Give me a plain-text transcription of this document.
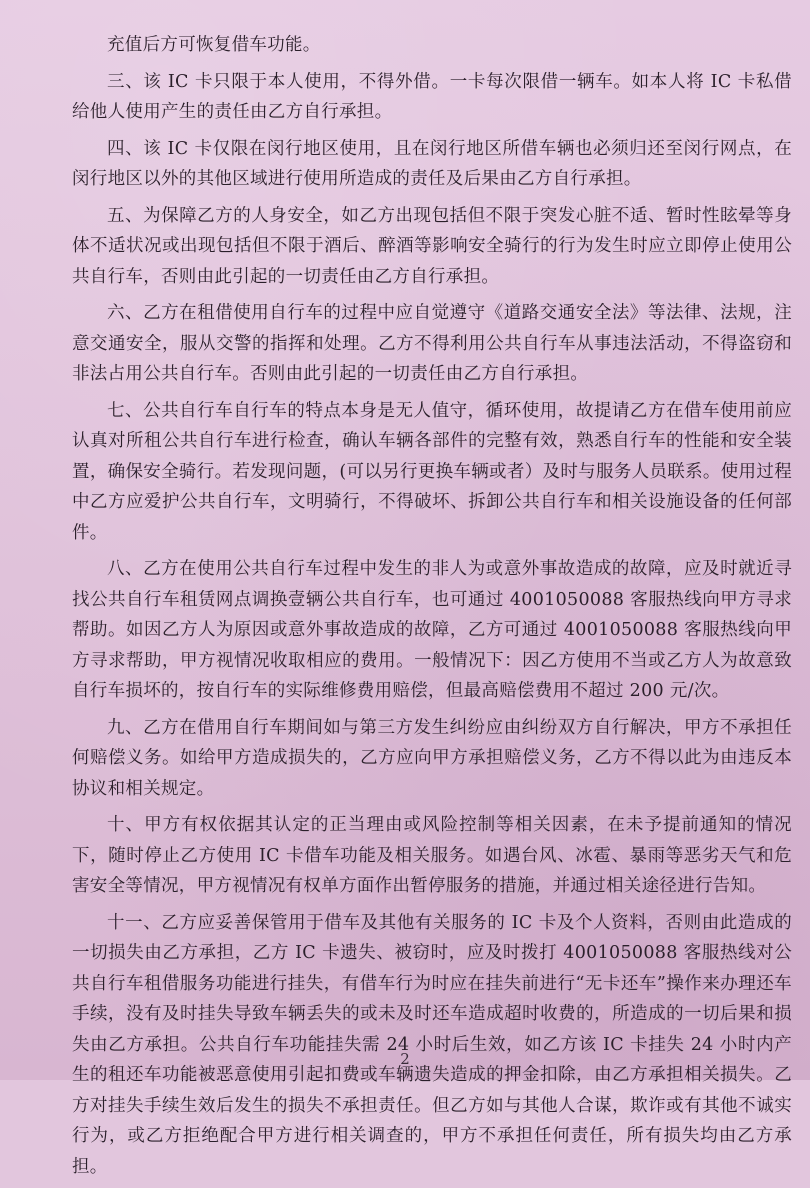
充值后方可恢复借车功能。

三、该 IC 卡只限于本人使用，不得外借。一卡每次限借一辆车。如本人将 IC 卡私借给他人使用产生的责任由乙方自行承担。

四、该 IC 卡仅限在闵行地区使用，且在闵行地区所借车辆也必须归还至闵行网点，在闵行地区以外的其他区域进行使用所造成的责任及后果由乙方自行承担。

五、为保障乙方的人身安全，如乙方出现包括但不限于突发心脏不适、暂时性眩晕等身体不适状况或出现包括但不限于酒后、醉酒等影响安全骑行的行为发生时应立即停止使用公共自行车，否则由此引起的一切责任由乙方自行承担。

六、乙方在租借使用自行车的过程中应自觉遵守《道路交通安全法》等法律、法规，注意交通安全，服从交警的指挥和处理。乙方不得利用公共自行车从事违法活动，不得盗窃和非法占用公共自行车。否则由此引起的一切责任由乙方自行承担。

七、公共自行车自行车的特点本身是无人值守，循环使用，故提请乙方在借车使用前应认真对所租公共自行车进行检查，确认车辆各部件的完整有效，熟悉自行车的性能和安全装置，确保安全骑行。若发现问题，(可以另行更换车辆或者）及时与服务人员联系。使用过程中乙方应爱护公共自行车，文明骑行，不得破坏、拆卸公共自行车和相关设施设备的任何部件。

八、乙方在使用公共自行车过程中发生的非人为或意外事故造成的故障，应及时就近寻找公共自行车租赁网点调换壹辆公共自行车，也可通过 4001050088 客服热线向甲方寻求帮助。如因乙方人为原因或意外事故造成的故障，乙方可通过 4001050088 客服热线向甲方寻求帮助，甲方视情况收取相应的费用。一般情况下：因乙方使用不当或乙方人为故意致自行车损坏的，按自行车的实际维修费用赔偿，但最高赔偿费用不超过 200 元/次。

九、乙方在借用自行车期间如与第三方发生纠纷应由纠纷双方自行解决，甲方不承担任何赔偿义务。如给甲方造成损失的，乙方应向甲方承担赔偿义务，乙方不得以此为由违反本协议和相关规定。

十、甲方有权依据其认定的正当理由或风险控制等相关因素，在未予提前通知的情况下，随时停止乙方使用 IC 卡借车功能及相关服务。如遇台风、冰雹、暴雨等恶劣天气和危害安全等情况，甲方视情况有权单方面作出暂停服务的措施，并通过相关途径进行告知。

十一、乙方应妥善保管用于借车及其他有关服务的 IC 卡及个人资料，否则由此造成的一切损失由乙方承担，乙方 IC 卡遗失、被窃时，应及时拨打 4001050088 客服热线对公共自行车租借服务功能进行挂失，有借车行为时应在挂失前进行“无卡还车”操作来办理还车手续，没有及时挂失导致车辆丢失的或未及时还车造成超时收费的，所造成的一切后果和损失由乙方承担。公共自行车功能挂失需 24 小时后生效，如乙方该 IC 卡挂失 24 小时内产生的租还车功能被恶意使用引起扣费或车辆遗失造成的押金扣除，由乙方承担相关损失。乙方对挂失手续生效后发生的损失不承担责任。但乙方如与其他人合谋，欺诈或有其他不诚实行为，或乙方拒绝配合甲方进行相关调查的，甲方不承担任何责任，所有损失均由乙方承担。

2
